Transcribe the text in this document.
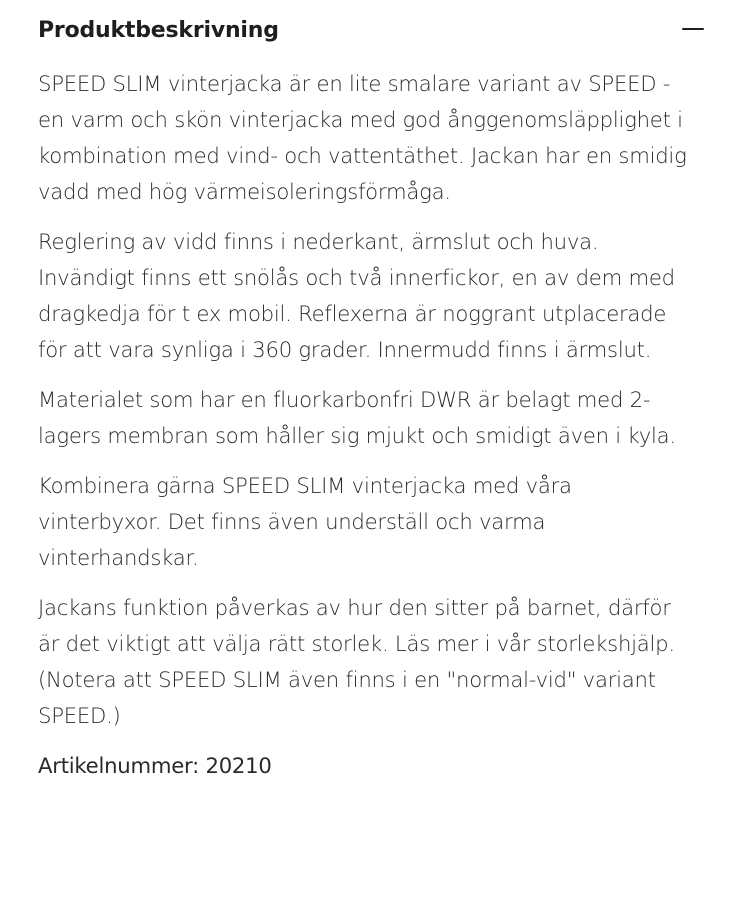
Produktbeskrivning

SPEED SLIM vinterjacka är en lite smalare variant av SPEED - en varm och skön vinterjacka med god ånggenomsläpplighet i kombination med vind- och vattentäthet. Jackan har en smidig vadd med hög värmeisoleringsförmåga.

Reglering av vidd finns i nederkant, ärmslut och huva. Invändigt finns ett snölås och två innerfickor, en av dem med dragkedja för t ex mobil. Reflexerna är noggrant utplacerade för att vara synliga i 360 grader. Innermudd finns i ärmslut.

Materialet som har en fluorkarbonfri DWR är belagt med 2-lagers membran som håller sig mjukt och smidigt även i kyla.

Kombinera gärna SPEED SLIM vinterjacka med våra vinterbyxor. Det finns även underställ och varma vinterhandskar.

Jackans funktion påverkas av hur den sitter på barnet, därför är det viktigt att välja rätt storlek. Läs mer i vår storlekshjälp. (Notera att SPEED SLIM även finns i en "normal-vid" variant SPEED.)

Artikelnummer: 20210
